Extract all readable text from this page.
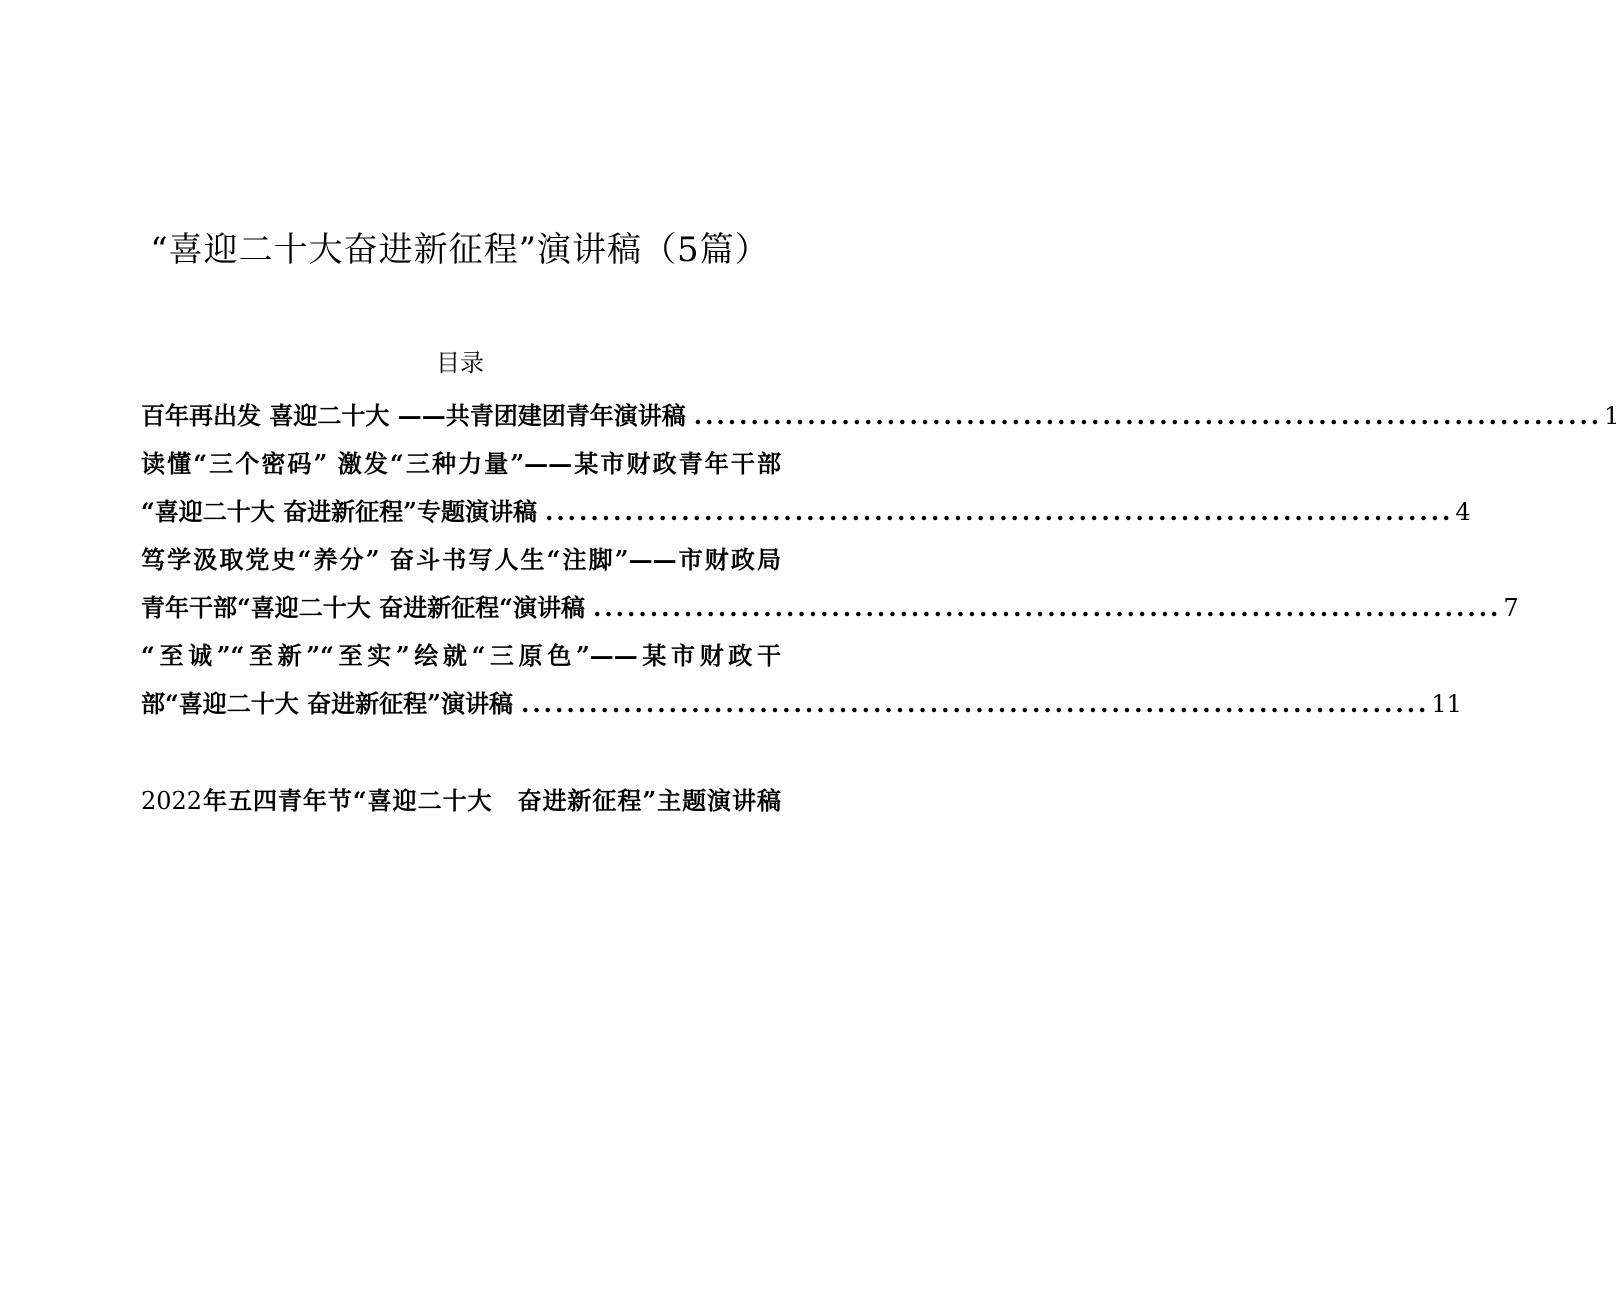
“喜迎二十大奋进新征程”演讲稿（5篇）
目录
百年再出发 喜迎二十大 ——共青团建团青年演讲稿 ................................................................................ 1
读懂“三个密码” 激发“三种力量”——某市财政青年干部
“喜迎二十大 奋进新征程”专题演讲稿 ................................................................................ 4
笃学汲取党史“养分” 奋斗书写人生“注脚”——市财政局
青年干部“喜迎二十大 奋进新征程“演讲稿 ................................................................................ 7
“至诚”“至新”“至实”绘就“三原色”——某市财政干
部“喜迎二十大 奋进新征程”演讲稿 ................................................................................ 11
2022年五四青年节“喜迎二十大　奋进新征程”主题演讲稿
